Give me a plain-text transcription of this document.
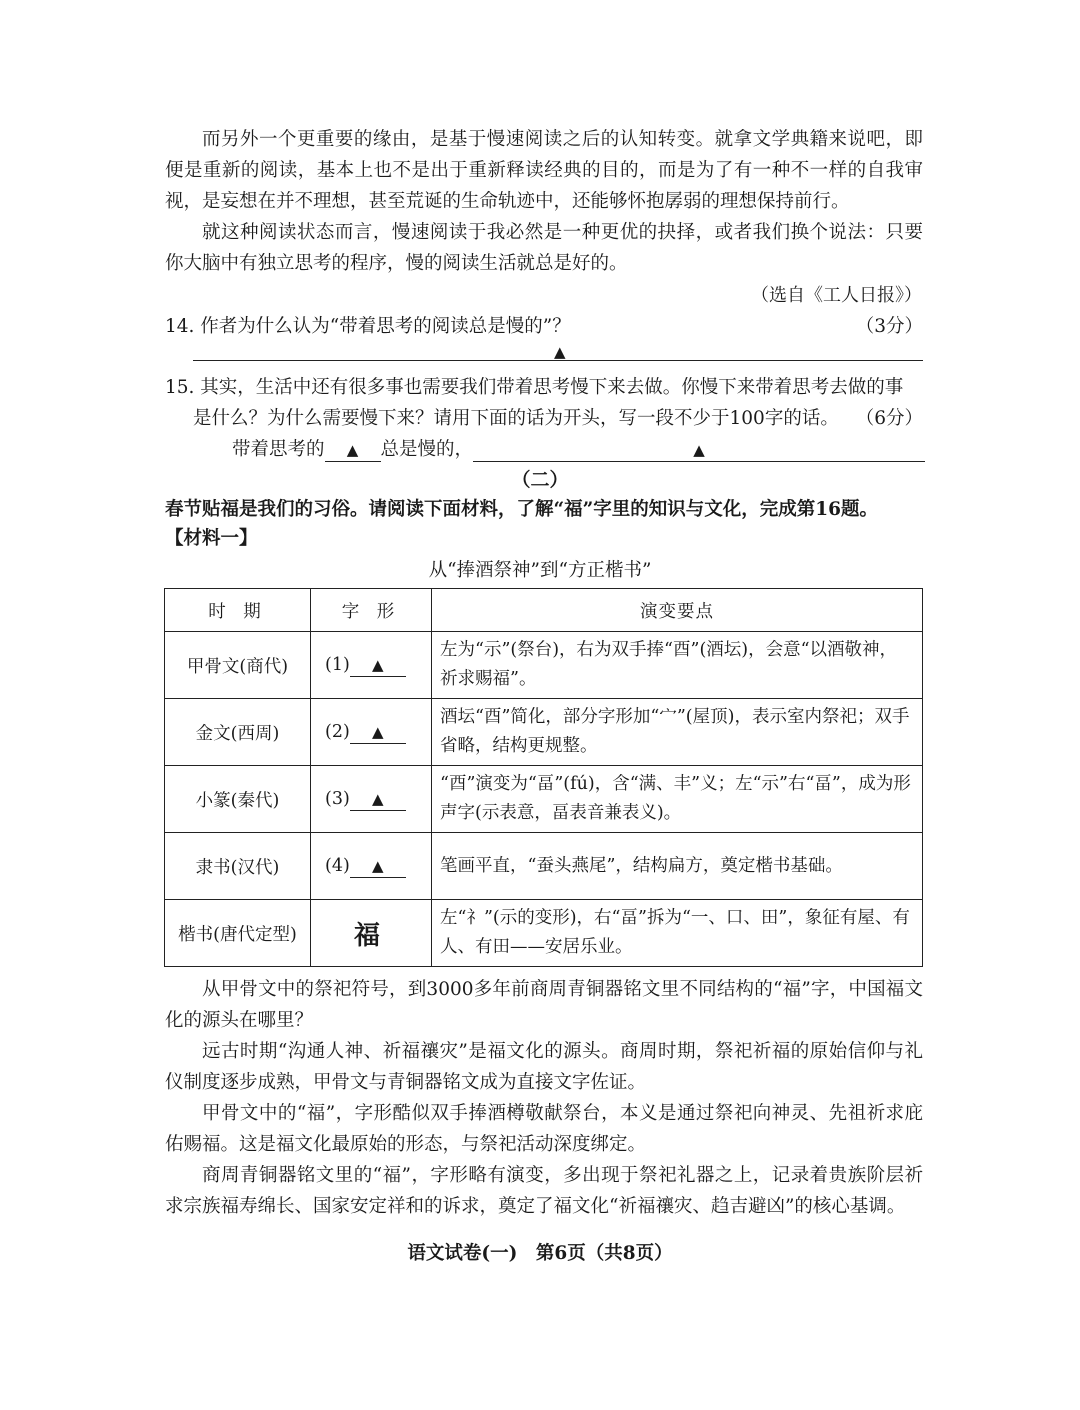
而另外一个更重要的缘由，是基于慢速阅读之后的认知转变。就拿文学典籍来说吧，即便是重新的阅读，基本上也不是出于重新释读经典的目的，而是为了有一种不一样的自我审视，是妄想在并不理想，甚至荒诞的生命轨迹中，还能够怀抱孱弱的理想保持前行。
就这种阅读状态而言，慢速阅读于我必然是一种更优的抉择，或者我们换个说法：只要你大脑中有独立思考的程序，慢的阅读生活就总是好的。
（选自《工人日报》）
14. 作者为什么认为“带着思考的阅读总是慢的”？	（3分）
▲
15. 其实，生活中还有很多事也需要我们带着思考慢下来去做。你慢下来带着思考去做的事
是什么？为什么需要慢下来？请用下面的话为开头，写一段不少于100字的话。 （6分）
带着思考的 ▲ 总是慢的，	▲
（二）
春节贴福是我们的习俗。请阅读下面材料，了解“福”字里的知识与文化，完成第16题。
【材料一】
从“捧酒祭神”到“方正楷书”
时 期	字 形	演变要点
甲骨文(商代)	(1) ▲	左为“示”(祭台)，右为双手捧“酉”(酒坛)，会意“以酒敬神，祈求赐福”。
金文(西周)	(2) ▲	酒坛“酉”简化，部分字形加“宀”(屋顶)，表示室内祭祀；双手省略，结构更规整。
小篆(秦代)	(3) ▲	“酉”演变为“畐”(fú)，含“满、丰”义；左“示”右“畐”，成为形声字(示表意，畐表音兼表义)。
隶书(汉代)	(4) ▲	笔画平直，“蚕头燕尾”，结构扁方，奠定楷书基础。
楷书(唐代定型)	福	左“礻”(示的变形)，右“畐”拆为“一、口、田”，象征有屋、有人、有田——安居乐业。
从甲骨文中的祭祀符号，到3000多年前商周青铜器铭文里不同结构的“福”字，中国福文化的源头在哪里？
远古时期“沟通人神、祈福禳灾”是福文化的源头。商周时期，祭祀祈福的原始信仰与礼仪制度逐步成熟，甲骨文与青铜器铭文成为直接文字佐证。
甲骨文中的“福”，字形酷似双手捧酒樽敬献祭台，本义是通过祭祀向神灵、先祖祈求庇佑赐福。这是福文化最原始的形态，与祭祀活动深度绑定。
商周青铜器铭文里的“福”，字形略有演变，多出现于祭祀礼器之上，记录着贵族阶层祈求宗族福寿绵长、国家安定祥和的诉求，奠定了福文化“祈福禳灾、趋吉避凶”的核心基调。
语文试卷(一)　第6页（共8页）
